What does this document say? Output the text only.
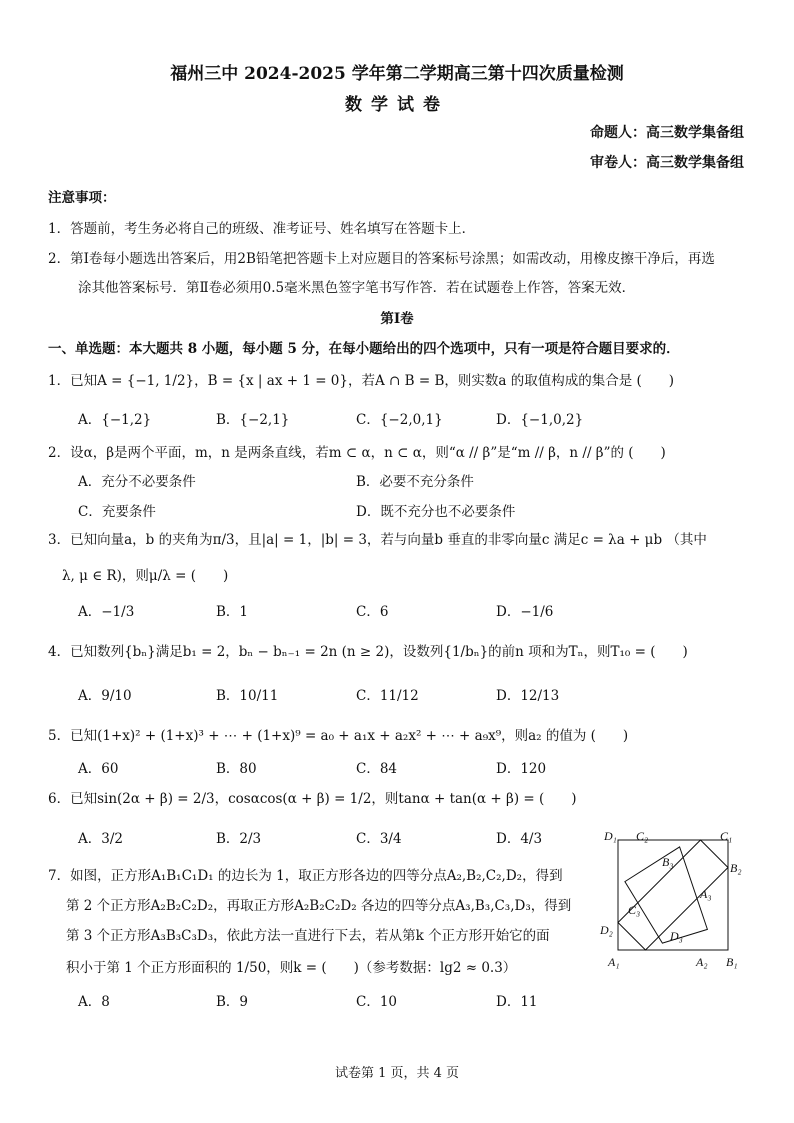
福州三中 2024-2025 学年第二学期高三第十四次质量检测
数学试卷
命题人：高三数学集备组
审卷人：高三数学集备组
注意事项：
1．答题前，考生务必将自己的班级、准考证号、姓名填写在答题卡上．
2．第Ⅰ卷每小题选出答案后，用2B铅笔把答题卡上对应题目的答案标号涂黑；如需改动，用橡皮擦干净后，再选
涂其他答案标号．第Ⅱ卷必须用0.5毫米黑色签字笔书写作答．若在试题卷上作答，答案无效．
第Ⅰ卷
一、单选题：本大题共 8 小题，每小题 5 分，在每小题给出的四个选项中，只有一项是符合题目要求的．
1．已知A = {−1, 1/2}，B = {x | ax + 1 = 0}，若A ∩ B = B，则实数a 的取值构成的集合是 (　　)
A．{−1,2}	B．{−2,1}	C．{−2,0,1}	D．{−1,0,2}
2．设α，β是两个平面，m，n 是两条直线，若m ⊂ α，n ⊂ α，则“α // β”是“m // β，n // β”的 (　　)
A．充分不必要条件	B．必要不充分条件
C．充要条件	D．既不充分也不必要条件
3．已知向量a，b 的夹角为π/3，且|a| = 1，|b| = 3，若与向量b 垂直的非零向量c 满足c = λa + μb （其中
λ, μ ∈ R)，则μ/λ = (　　)
A．−1/3	B．1	C．6	D．−1/6
4．已知数列{bₙ}满足b₁ = 2，bₙ − bₙ₋₁ = 2n (n ≥ 2)，设数列{1/bₙ}的前n 项和为Tₙ，则T₁₀ = (　　)
A．9/10	B．10/11	C．11/12	D．12/13
5．已知(1+x)² + (1+x)³ + ⋯ + (1+x)⁹ = a₀ + a₁x + a₂x² + ⋯ + a₉x⁹，则a₂ 的值为 (　　)
A．60	B．80	C．84	D．120
6．已知sin(2α + β) = 2/3，cosαcos(α + β) = 1/2，则tanα + tan(α + β) = (　　)
A．3/2	B．2/3	C．3/4	D．4/3
7．如图，正方形A₁B₁C₁D₁ 的边长为 1，取正方形各边的四等分点A₂,B₂,C₂,D₂，得到
第 2 个正方形A₂B₂C₂D₂，再取正方形A₂B₂C₂D₂ 各边的四等分点A₃,B₃,C₃,D₃，得到
第 3 个正方形A₃B₃C₃D₃，依此方法一直进行下去，若从第k 个正方形开始它的面
积小于第 1 个正方形面积的 1/50，则k = (　　)（参考数据：lg2 ≈ 0.3）
A．8	B．9	C．10	D．11
D₁ C₂	C₁
B₃	B₂
A₃
C₃
D₂	D₃
A₁	A₂ B₁
试卷第 1 页，共 4 页
